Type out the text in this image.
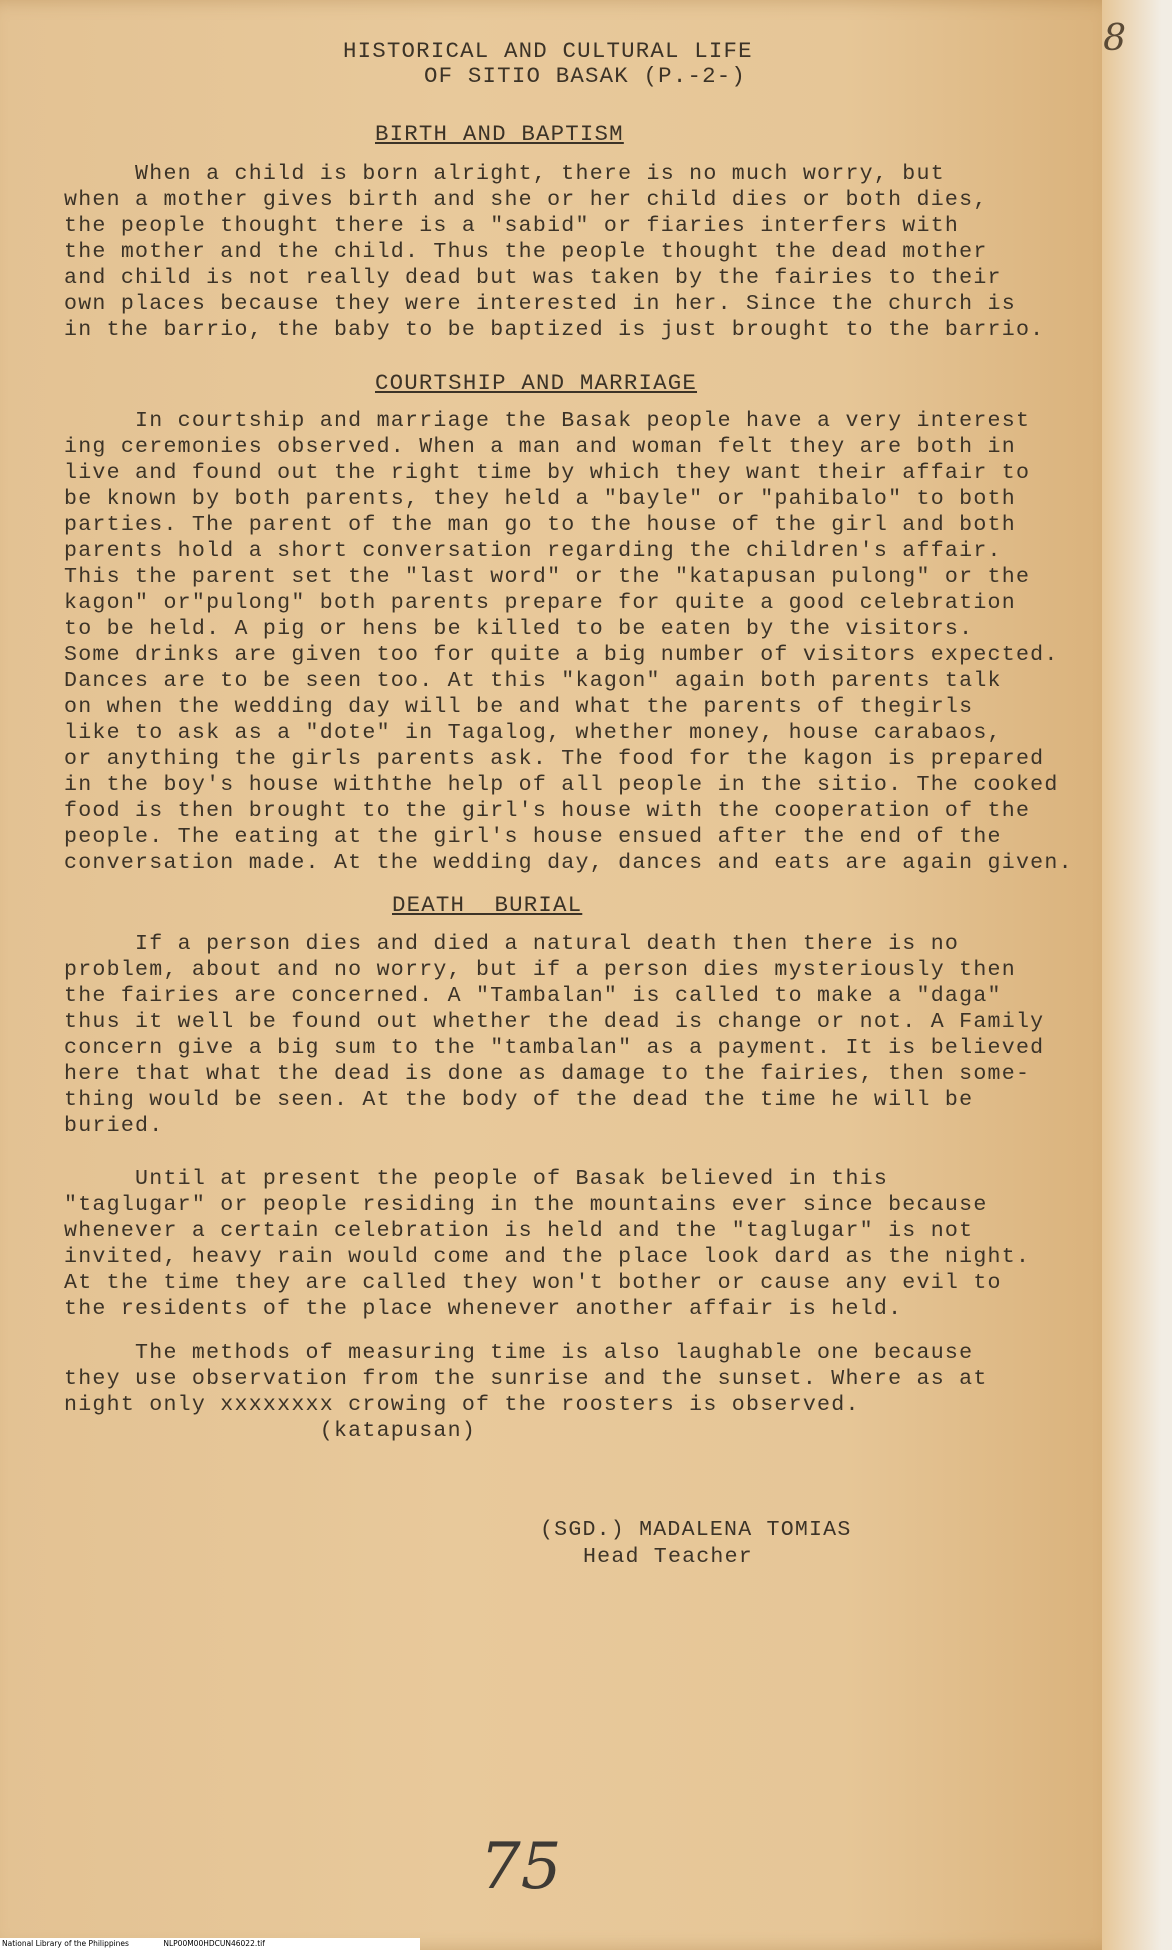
8
HISTORICAL AND CULTURAL LIFE
OF SITIO BASAK (P.-2-)
BIRTH AND BAPTISM
When a child is born alright, there is no much worry, but
when a mother gives birth and she or her child dies or both dies,
the people thought there is a "sabid" or fiaries interfers with
the mother and the child. Thus the people thought the dead mother
and child is not really dead but was taken by the fairies to their
own places because they were interested in her. Since the church is
in the barrio, the baby to be baptized is just brought to the barrio.
COURTSHIP AND MARRIAGE
In courtship and marriage the Basak people have a very interest
ing ceremonies observed. When a man and woman felt they are both in
live and found out the right time by which they want their affair to
be known by both parents, they held a "bayle" or "pahibalo" to both
parties. The parent of the man go to the house of the girl and both
parents hold a short conversation regarding the children's affair.
This the parent set the "last word" or the "katapusan pulong" or the
kagon" or"pulong" both parents prepare for quite a good celebration
to be held. A pig or hens be killed to be eaten by the visitors.
Some drinks are given too for quite a big number of visitors expected.
Dances are to be seen too. At this "kagon" again both parents talk
on when the wedding day will be and what the parents of thegirls
like to ask as a "dote" in Tagalog, whether money, house carabaos,
or anything the girls parents ask. The food for the kagon is prepared
in the boy's house withthe help of all people in the sitio. The cooked
food is then brought to the girl's house with the cooperation of the
people. The eating at the girl's house ensued after the end of the
conversation made. At the wedding day, dances and eats are again given.
DEATH  BURIAL
If a person dies and died a natural death then there is no
problem, about and no worry, but if a person dies mysteriously then
the fairies are concerned. A "Tambalan" is called to make a "daga"
thus it well be found out whether the dead is change or not. A Family
concern give a big sum to the "tambalan" as a payment. It is believed
here that what the dead is done as damage to the fairies, then some-
thing would be seen. At the body of the dead the time he will be
buried.
Until at present the people of Basak believed in this
"taglugar" or people residing in the mountains ever since because
whenever a certain celebration is held and the "taglugar" is not
invited, heavy rain would come and the place look dard as the night.
At the time they are called they won't bother or cause any evil to
the residents of the place whenever another affair is held.
The methods of measuring time is also laughable one because
they use observation from the sunrise and the sunset. Where as at
night only xxxxxxxx crowing of the roosters is observed.
(katapusan)
(SGD.) MADALENA TOMIAS
Head Teacher
75
National Library of the Philippines	NLP00M00HDCUN46022.tif
